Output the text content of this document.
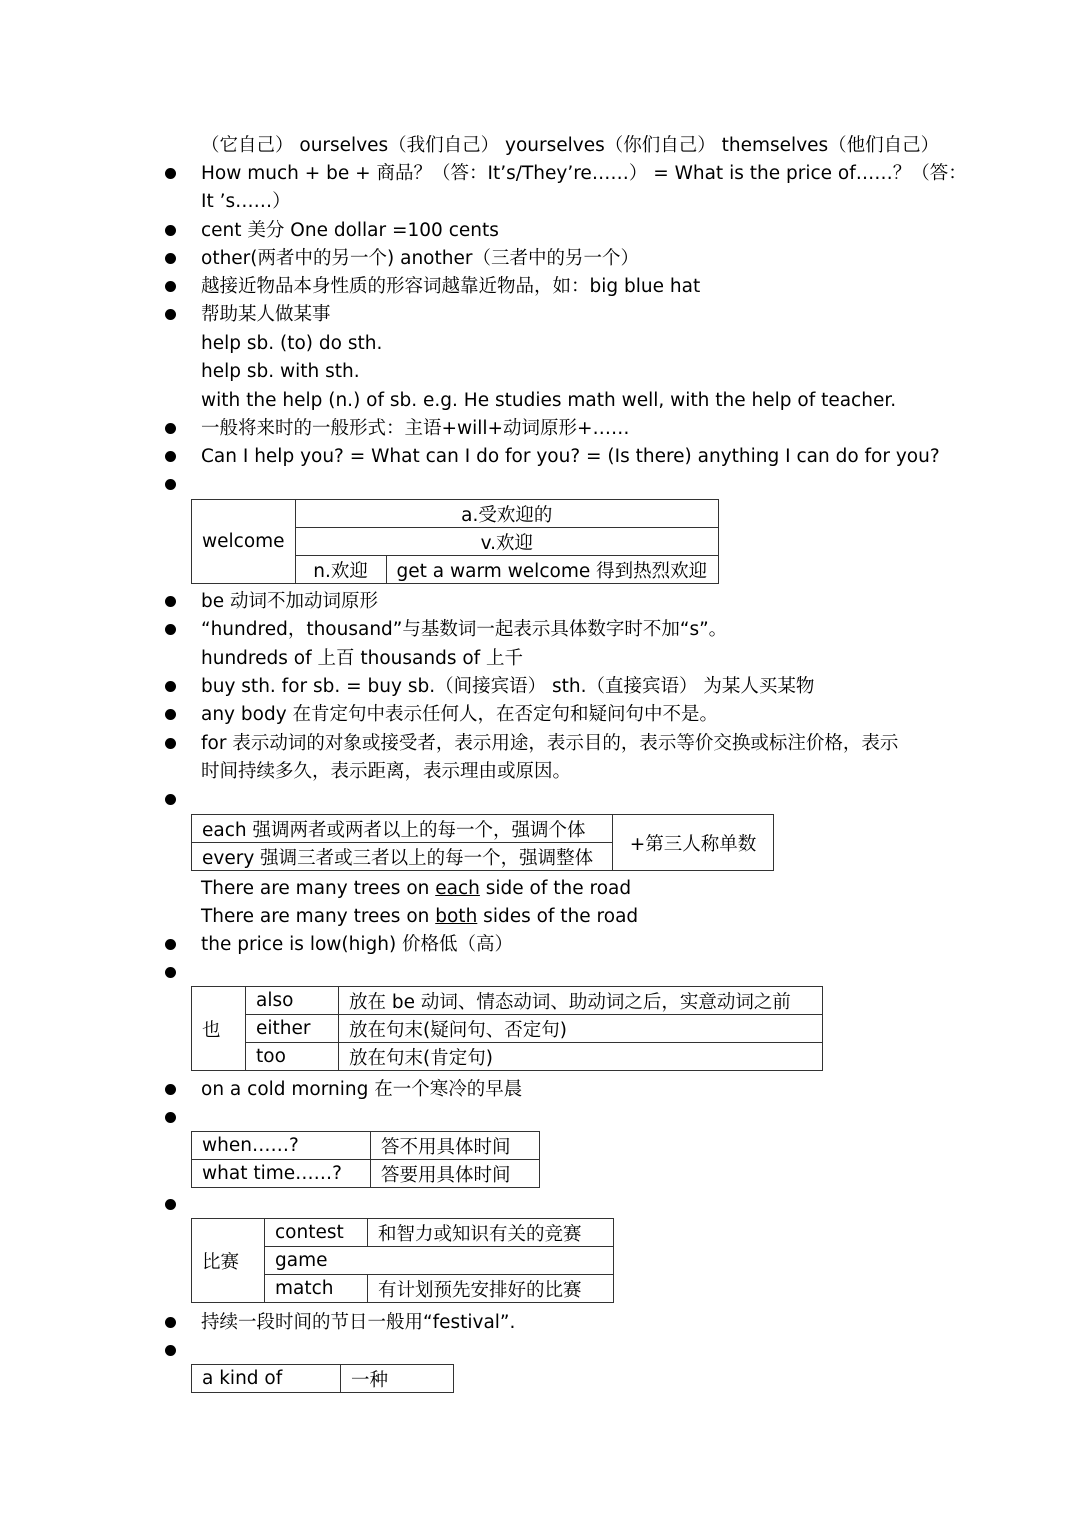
（它自己） ourselves（我们自己） yourselves（你们自己） themselves（他们自己）
How much + be + 商品？（答：It’s/They’re……） = What is the price of……？（答：
It ’s……）
cent 美分 One dollar =100 cents
other(两者中的另一个) another（三者中的另一个）
越接近物品本身性质的形容词越靠近物品，如：big blue hat
帮助某人做某事
help sb. (to) do sth.
help sb. with sth.
with the help (n.) of sb. e.g. He studies math well, with the help of teacher.
一般将来时的一般形式：主语+will+动词原形+……
Can I help you? = What can I do for you? = (Is there) anything I can do for you?
welcome	a.受欢迎的	
	v.欢迎	
	n.欢迎	get a warm welcome 得到热烈欢迎
be 动词不加动词原形
“hundred，thousand”与基数词一起表示具体数字时不加“s”。
hundreds of 上百 thousands of 上千
buy sth. for sb. = buy sb.（间接宾语） sth.（直接宾语） 为某人买某物
any body 在肯定句中表示任何人，在否定句和疑问句中不是。
for 表示动词的对象或接受者，表示用途，表示目的，表示等价交换或标注价格，表示
时间持续多久，表示距离，表示理由或原因。
each 强调两者或两者以上的每一个，强调个体	+第三人称单数
every 强调三者或三者以上的每一个，强调整体
There are many trees on each side of the road
There are many trees on both sides of the road
the price is low(high) 价格低（高）
也	also	放在 be 动词、情态动词、助动词之后，实意动词之前
	either	放在句末(疑问句、否定句)
	too	放在句末(肯定句)
on a cold morning 在一个寒冷的早晨
when……?	答不用具体时间
what time……?	答要用具体时间
比赛	contest	和智力或知识有关的竞赛
	game	
	match	有计划预先安排好的比赛
持续一段时间的节日一般用“festival”.
a kind of	一种
